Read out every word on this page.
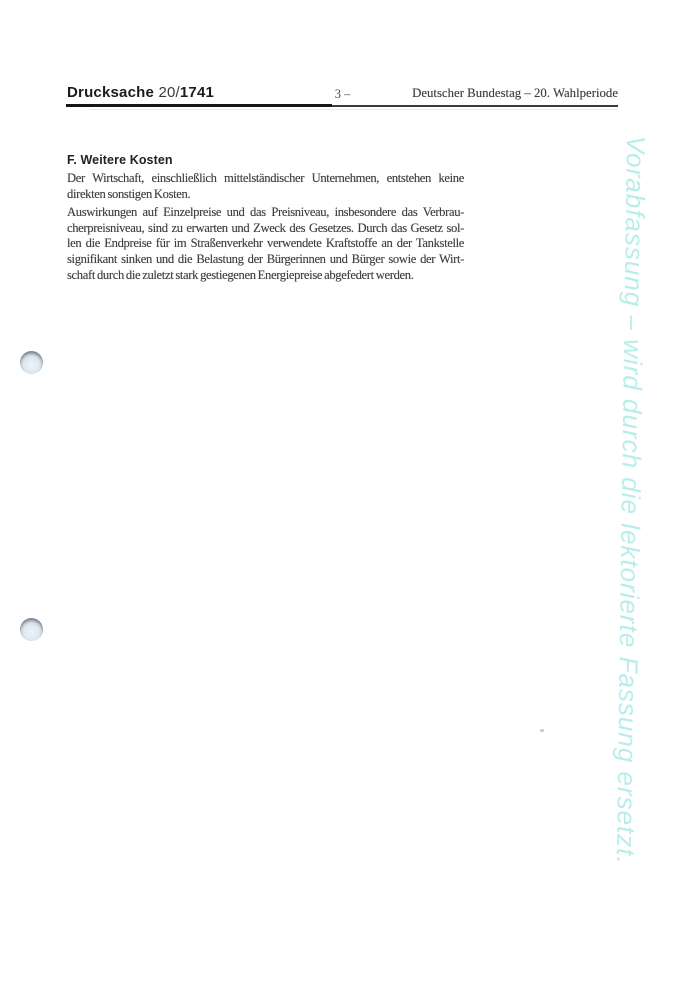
Drucksache 20/1741	3 –	Deutscher Bundestag – 20. Wahlperiode
F. Weitere Kosten
Der Wirtschaft, einschließlich mittelständischer Unternehmen, entstehen keine
direkten sonstigen Kosten.
Auswirkungen auf Einzelpreise und das Preisniveau, insbesondere das Verbrau-
cherpreisniveau, sind zu erwarten und Zweck des Gesetzes. Durch das Gesetz sol-
len die Endpreise für im Straßenverkehr verwendete Kraftstoffe an der Tankstelle
signifikant sinken und die Belastung der Bürgerinnen und Bürger sowie der Wirt-
schaft durch die zuletzt stark gestiegenen Energiepreise abgefedert werden.	Vorabfassung – wird durch die lektorierte Fassung ersetzt.
